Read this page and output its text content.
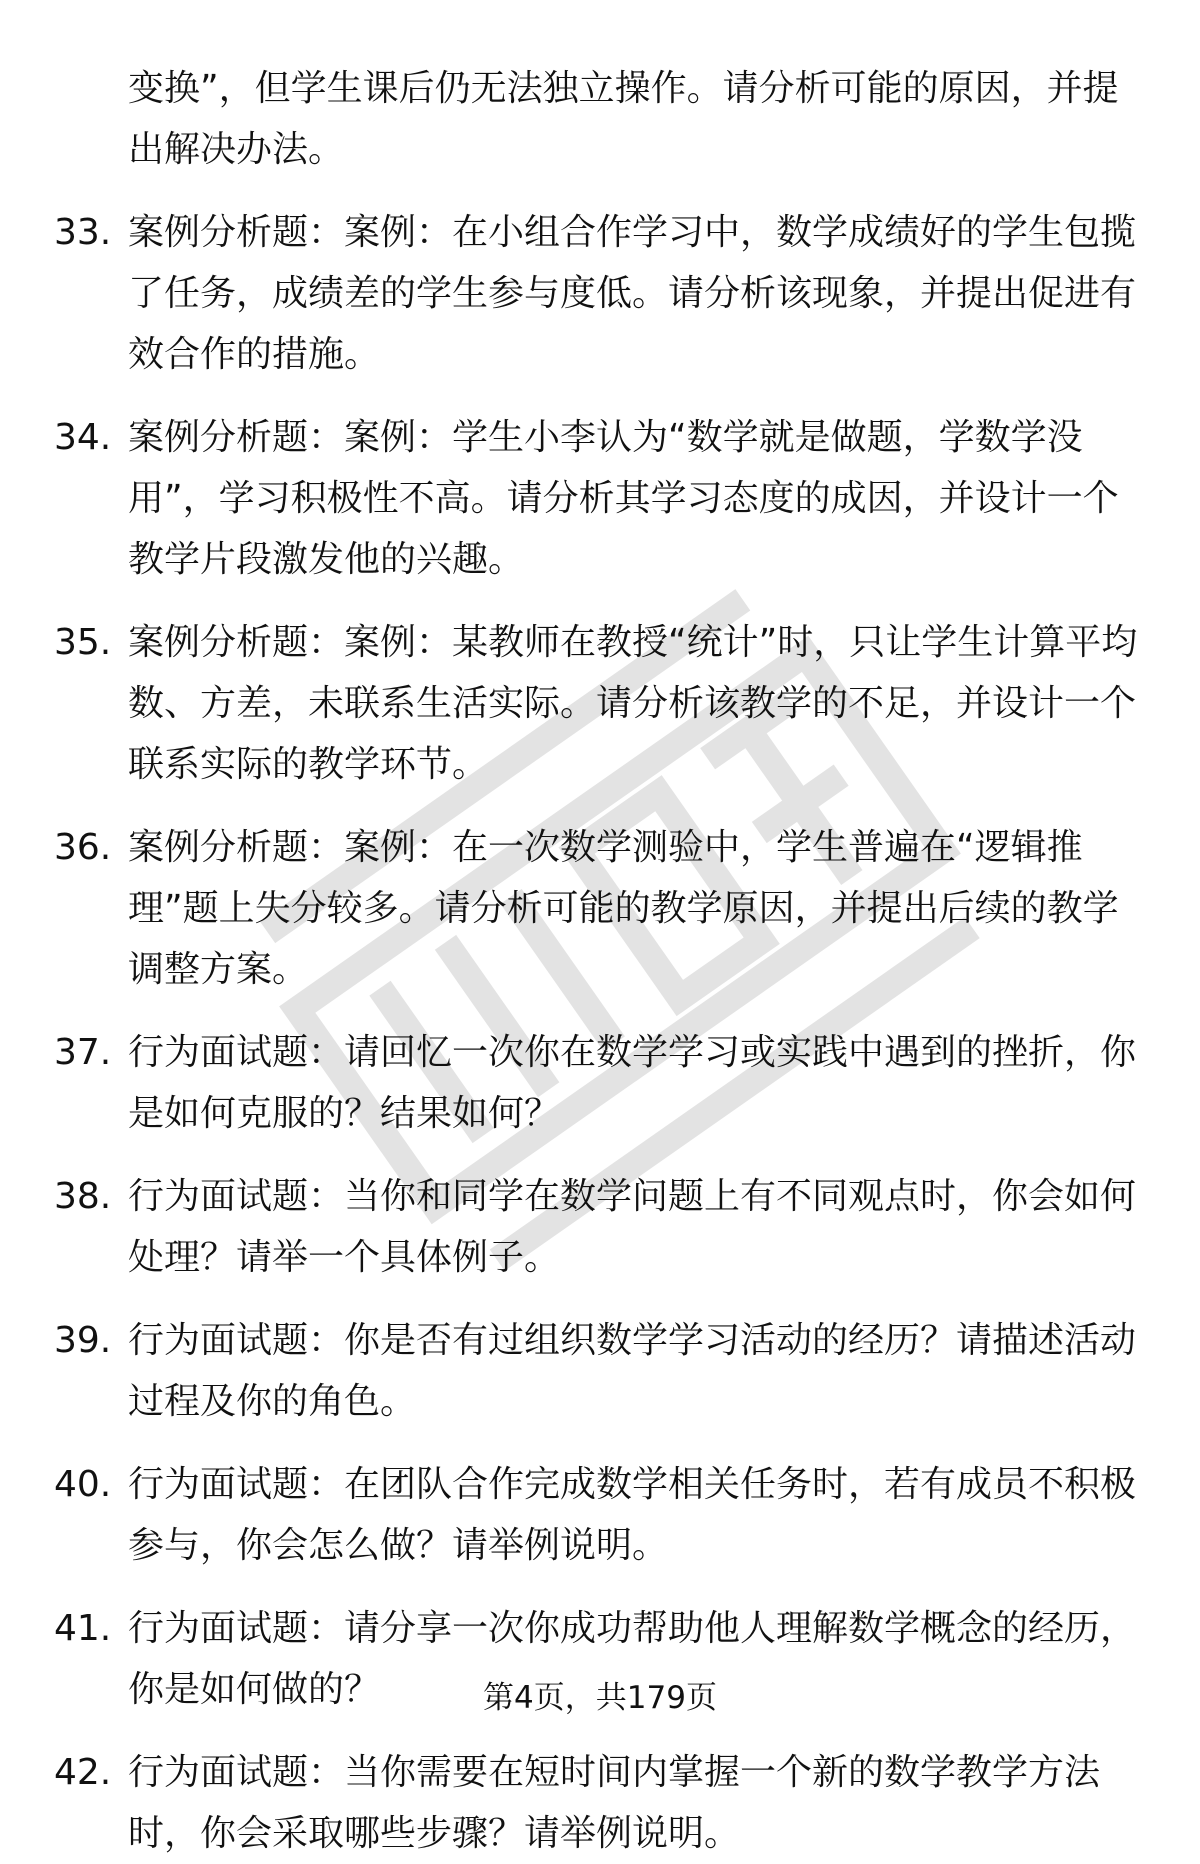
变换”，但学生课后仍无法独立操作。请分析可能的原因，并提出解决办法。

33. 案例分析题：案例：在小组合作学习中，数学成绩好的学生包揽了任务，成绩差的学生参与度低。请分析该现象，并提出促进有效合作的措施。
34. 案例分析题：案例：学生小李认为“数学就是做题，学数学没用”，学习积极性不高。请分析其学习态度的成因，并设计一个教学片段激发他的兴趣。
35. 案例分析题：案例：某教师在教授“统计”时，只让学生计算平均数、方差，未联系生活实际。请分析该教学的不足，并设计一个联系实际的教学环节。
36. 案例分析题：案例：在一次数学测验中，学生普遍在“逻辑推理”题上失分较多。请分析可能的教学原因，并提出后续的教学调整方案。
37. 行为面试题：请回忆一次你在数学学习或实践中遇到的挫折，你是如何克服的？结果如何？
38. 行为面试题：当你和同学在数学问题上有不同观点时，你会如何处理？请举一个具体例子。
39. 行为面试题：你是否有过组织数学学习活动的经历？请描述活动过程及你的角色。
40. 行为面试题：在团队合作完成数学相关任务时，若有成员不积极参与，你会怎么做？请举例说明。
41. 行为面试题：请分享一次你成功帮助他人理解数学概念的经历，你是如何做的？
42. 行为面试题：当你需要在短时间内掌握一个新的数学教学方法时，你会采取哪些步骤？请举例说明。
第4页，共179页
